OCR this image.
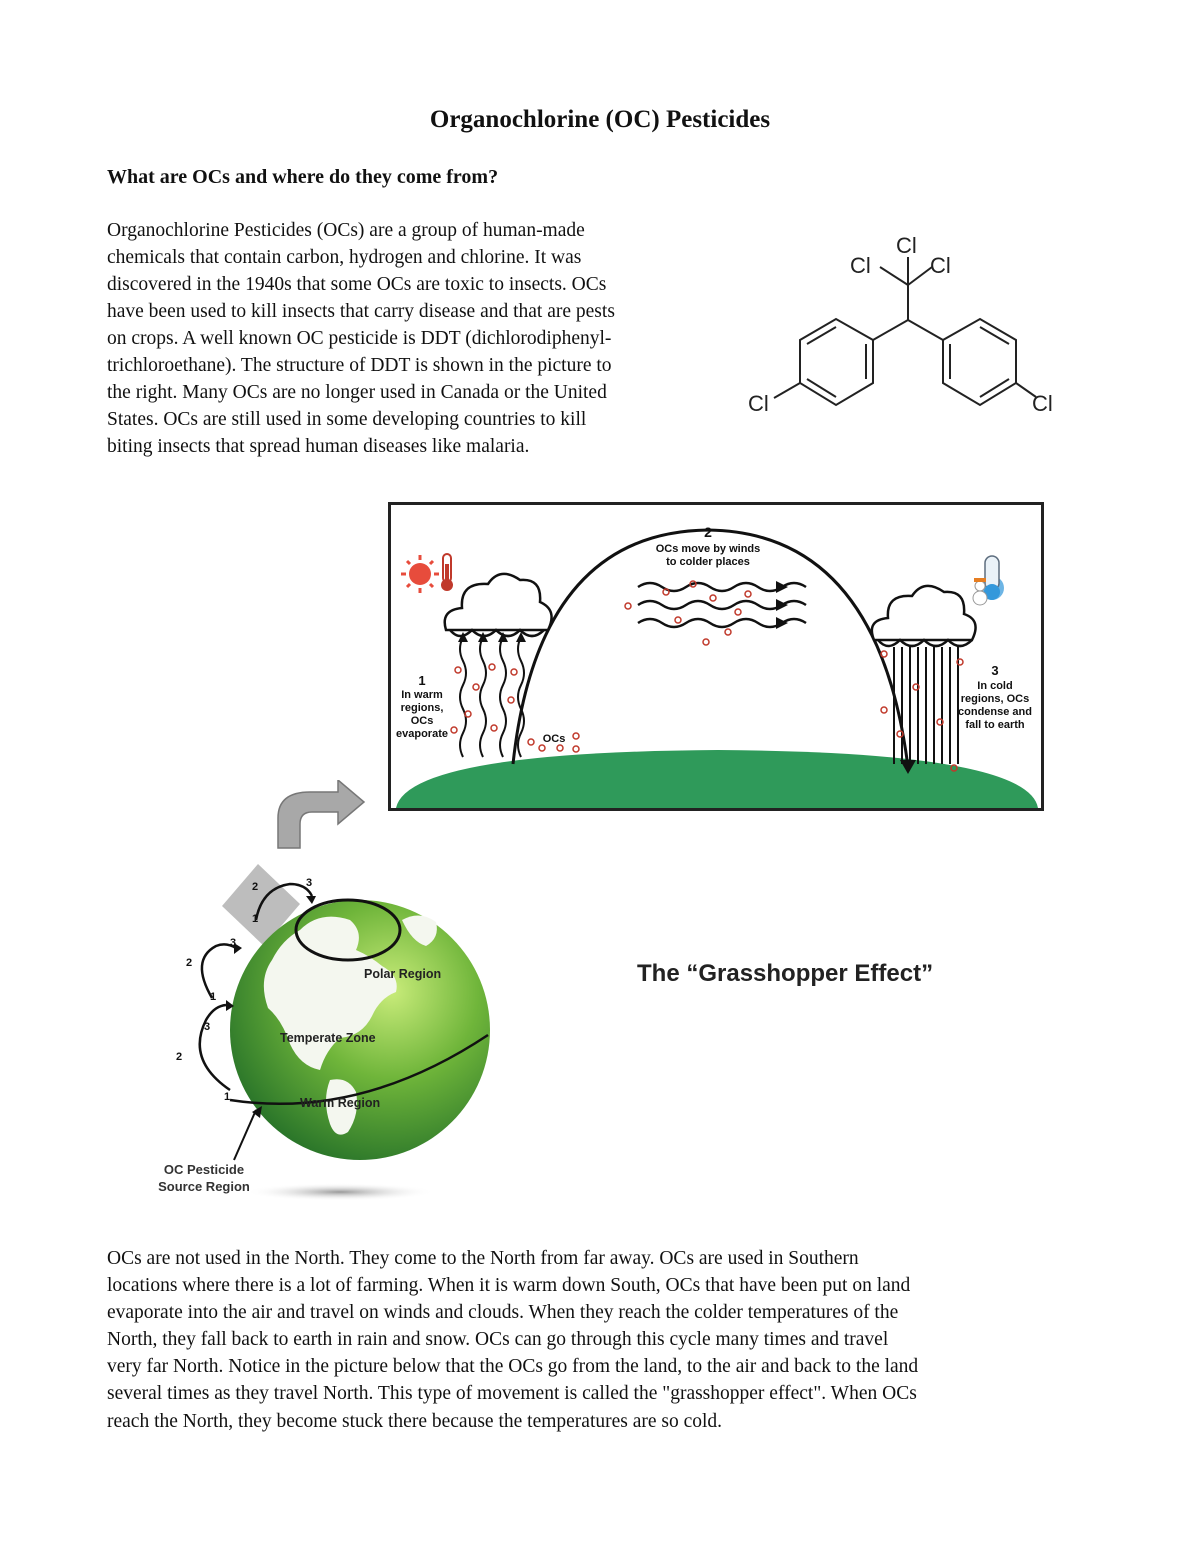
Organochlorine (OC) Pesticides
What are OCs and where do they come from?

Organochlorine Pesticides (OCs) are a group of human-made
chemicals that contain carbon, hydrogen and chlorine. It was
discovered in the 1940s that some OCs are toxic to insects. OCs
have been used to kill insects that carry disease and that are pests
on crops. A well known OC pesticide is DDT (dichlorodiphenyl-
trichloroethane). The structure of DDT is shown in the picture to
the right. Many OCs are no longer used in Canada or the United
States. OCs are still used in some developing countries to kill
biting insects that spread human diseases like malaria.

Cl
Cl	Cl
Cl	Cl
1
In warm
regions,
OCs
evaporate
2
OCs move by winds
to colder places
3
In cold
regions, OCs
condense and
fall to earth
OCs
1
2
3
1
2
3
1
2	3
Polar Region
Temperate Zone
Warm Region
OC Pesticide
Source Region
The “Grasshopper Effect”

OCs are not used in the North. They come to the North from far away. OCs are used in Southern
locations where there is a lot of farming. When it is warm down South, OCs that have been put on land
evaporate into the air and travel on winds and clouds. When they reach the colder temperatures of the
North, they fall back to earth in rain and snow. OCs can go through this cycle many times and travel
very far North. Notice in the picture below that the OCs go from the land, to the air and back to the land
several times as they travel North. This type of movement is called the "grasshopper effect". When OCs
reach the North, they become stuck there because the temperatures are so cold.
